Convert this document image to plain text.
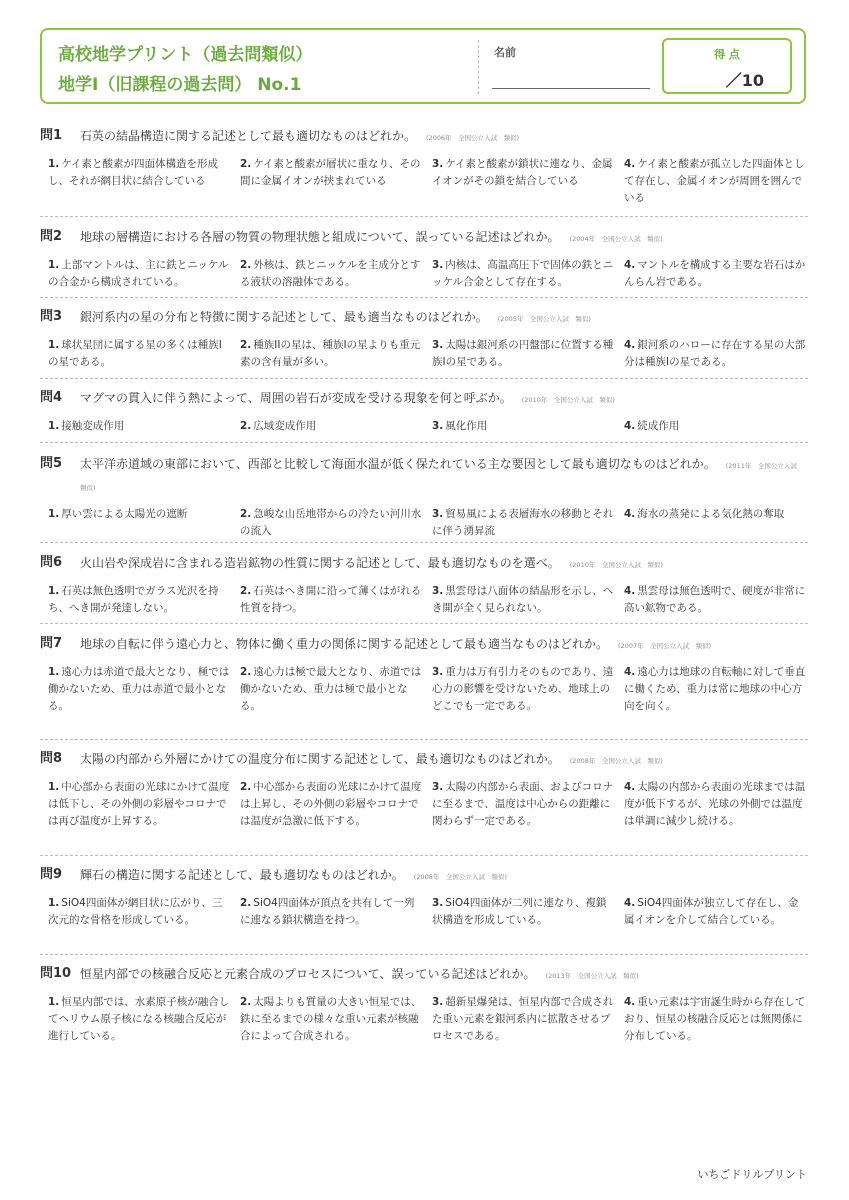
高校地学プリント（過去問類似）
地学Ⅰ（旧課程の過去問） No.1
名前	得 点
／10
問1 石英の結晶構造に関する記述として最も適切なものはどれか。 (2006年　全国公立入試　類似)
1. ケイ素と酸素が四面体構造を形成し、それが網目状に結合している
2. ケイ素と酸素が層状に重なり、その間に金属イオンが挟まれている
3. ケイ素と酸素が鎖状に連なり、金属イオンがその鎖を結合している
4. ケイ素と酸素が孤立した四面体として存在し、金属イオンが周囲を囲んでいる
問2 地球の層構造における各層の物質の物理状態と組成について、誤っている記述はどれか。 (2004年　全国公立入試　類似)
1. 上部マントルは、主に鉄とニッケルの合金から構成されている。
2. 外核は、鉄とニッケルを主成分とする液状の溶融体である。
3. 内核は、高温高圧下で固体の鉄とニッケル合金として存在する。
4. マントルを構成する主要な岩石はかんらん岩である。
問3 銀河系内の星の分布と特徴に関する記述として、最も適当なものはどれか。 (2005年　全国公立入試　類似)
1. 球状星団に属する星の多くは種族Iの星である。
2. 種族IIの星は、種族Iの星よりも重元素の含有量が多い。
3. 太陽は銀河系の円盤部に位置する種族Iの星である。
4. 銀河系のハローに存在する星の大部分は種族Iの星である。
問4 マグマの貫入に伴う熱によって、周囲の岩石が変成を受ける現象を何と呼ぶか。 (2010年　全国公立入試　類似)
1. 接触変成作用	2. 広域変成作用	3. 風化作用	4. 続成作用
問5 太平洋赤道域の東部において、西部と比較して海面水温が低く保たれている主な要因として最も適切なものはどれか。 (2011年　全国公立入試　類似)
1. 厚い雲による太陽光の遮断	2. 急峻な山岳地帯からの冷たい河川水の流入
3. 貿易風による表層海水の移動とそれに伴う湧昇流
4. 海水の蒸発による気化熱の奪取
問6 火山岩や深成岩に含まれる造岩鉱物の性質に関する記述として、最も適切なものを選べ。 (2010年　全国公立入試　類似)
1. 石英は無色透明でガラス光沢を持ち、へき開が発達しない。
2. 石英はへき開に沿って薄くはがれる性質を持つ。
3. 黒雲母は八面体の結晶形を示し、へき開が全く見られない。
4. 黒雲母は無色透明で、硬度が非常に高い鉱物である。
問7 地球の自転に伴う遠心力と、物体に働く重力の関係に関する記述として最も適当なものはどれか。 (2007年　全国公立入試　類似)
1. 遠心力は赤道で最大となり、極では働かないため、重力は赤道で最小となる。
2. 遠心力は極で最大となり、赤道では働かないため、重力は極で最小となる。
3. 重力は万有引力そのものであり、遠心力の影響を受けないため、地球上のどこでも一定である。
4. 遠心力は地球の自転軸に対して垂直に働くため、重力は常に地球の中心方向を向く。
問8 太陽の内部から外層にかけての温度分布に関する記述として、最も適切なものはどれか。 (2008年　全国公立入試　類似)
1. 中心部から表面の光球にかけて温度は低下し、その外側の彩層やコロナでは再び温度が上昇する。
2. 中心部から表面の光球にかけて温度は上昇し、その外側の彩層やコロナでは温度が急激に低下する。
3. 太陽の内部から表面、およびコロナに至るまで、温度は中心からの距離に関わらず一定である。
4. 太陽の内部から表面の光球までは温度が低下するが、光球の外側では温度は単調に減少し続ける。
問9 輝石の構造に関する記述として、最も適切なものはどれか。 (2008年　全国公立入試　類似)
1. SiO4四面体が網目状に広がり、三次元的な骨格を形成している。
2. SiO4四面体が頂点を共有して一列に連なる鎖状構造を持つ。
3. SiO4四面体が二列に連なり、複鎖状構造を形成している。
4. SiO4四面体が独立して存在し、金属イオンを介して結合している。
問10 恒星内部での核融合反応と元素合成のプロセスについて、誤っている記述はどれか。 (2013年　全国公立入試　類似)
1. 恒星内部では、水素原子核が融合してヘリウム原子核になる核融合反応が進行している。
2. 太陽よりも質量の大きい恒星では、鉄に至るまでの様々な重い元素が核融合によって合成される。
3. 超新星爆発は、恒星内部で合成された重い元素を銀河系内に拡散させるプロセスである。
4. 重い元素は宇宙誕生時から存在しており、恒星の核融合反応とは無関係に分布している。
いちごドリルプリント
